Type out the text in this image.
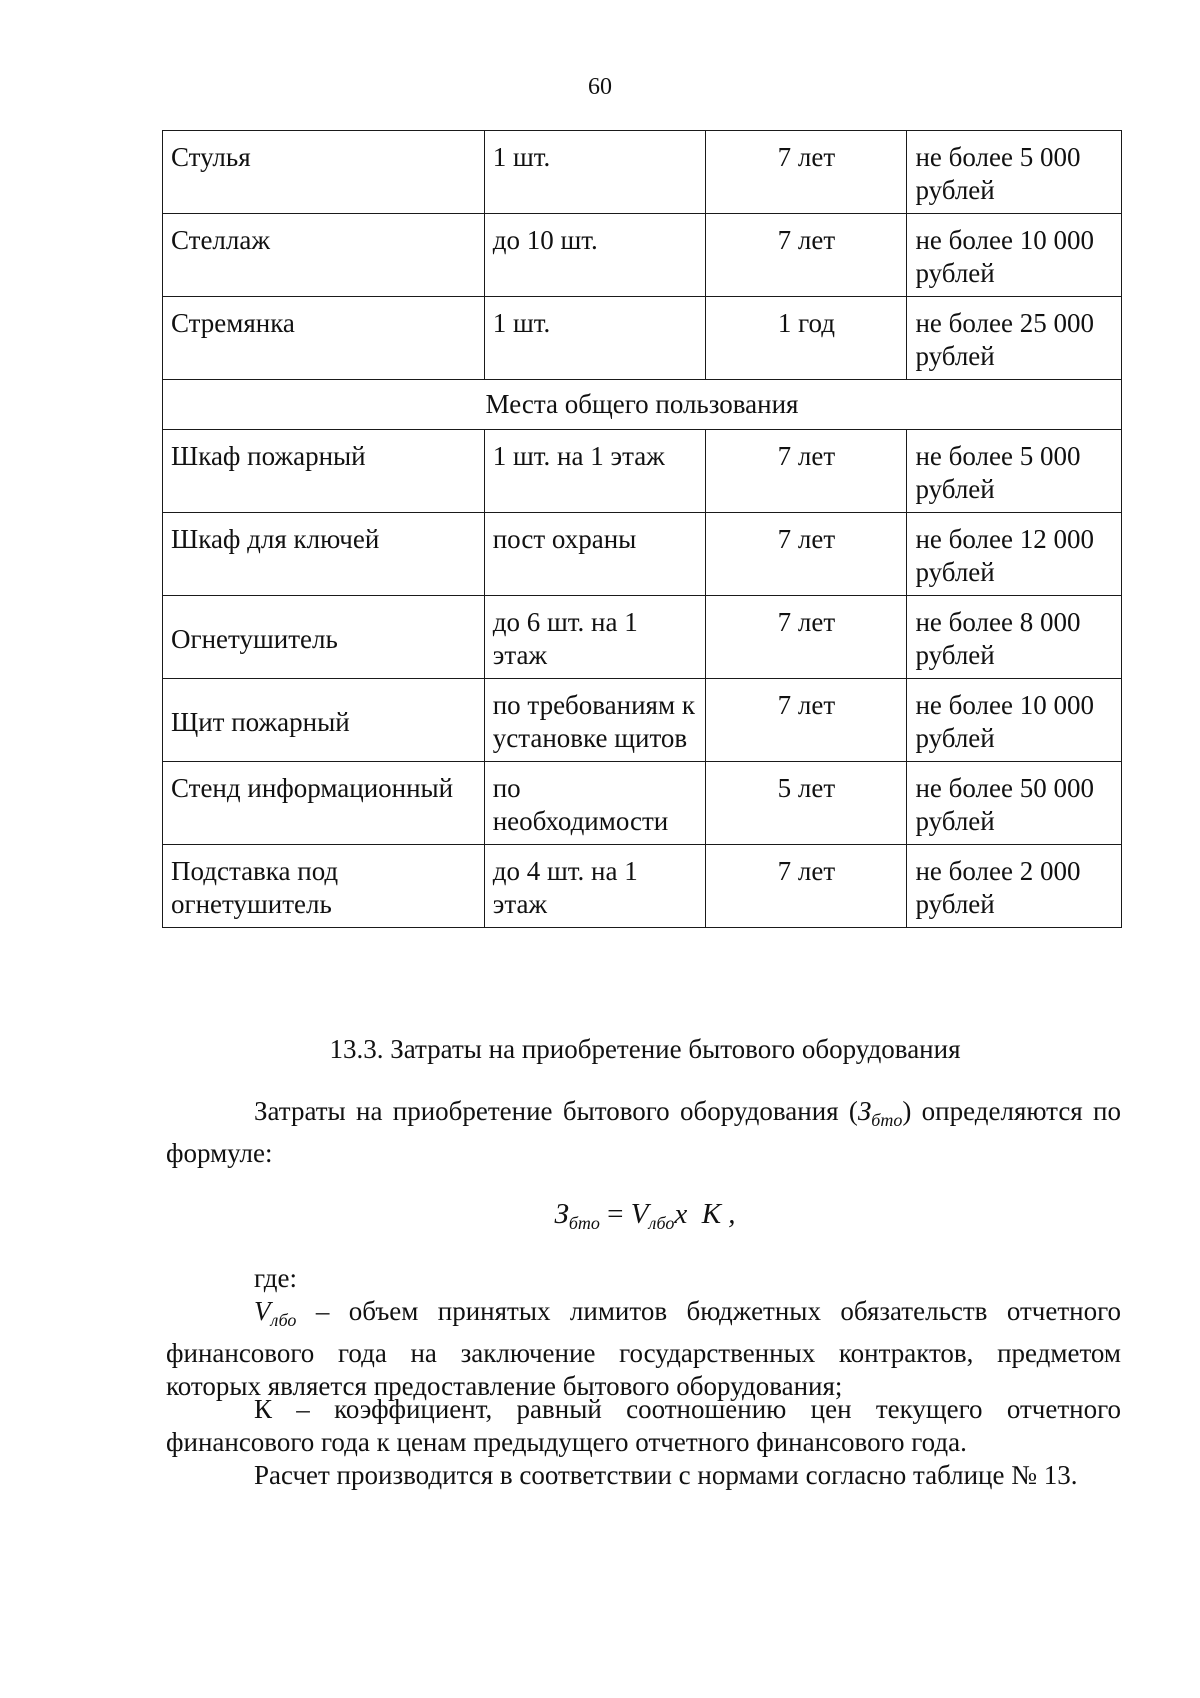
60
Стулья	1 шт.	7 лет	не более 5 000 рублей
Стеллаж	до 10 шт.	7 лет	не более 10 000 рублей
Стремянка	1 шт.	1 год	не более 25 000 рублей
Места общего пользования			
Шкаф пожарный	1 шт. на 1 этаж	7 лет	не более 5 000 рублей
Шкаф для ключей	пост охраны	7 лет	не более 12 000 рублей
Огнетушитель	до 6 шт. на 1 этаж	7 лет	не более 8 000 рублей
Щит пожарный	по требованиям к установке щитов	7 лет	не более 10 000 рублей
Стенд информационный	по необходимости	5 лет	не более 50 000 рублей
Подставка под огнетушитель	до 4 шт. на 1 этаж	7 лет	не более 2 000 рублей
13.3. Затраты на приобретение бытового оборудования
Затраты на приобретение бытового оборудования $(З_{бто})$ определяются по формуле:
$З_{бто} = V_{лбо}х$  К ,
где:
$V_{лбо}$ – объем принятых лимитов бюджетных обязательств отчетного финансового года на заключение государственных контрактов, предметом которых является предоставление бытового оборудования;
К – коэффициент, равный соотношению цен текущего отчетного финансового года к ценам предыдущего отчетного финансового года.
Расчет производится в соответствии с нормами согласно таблице № 13.
